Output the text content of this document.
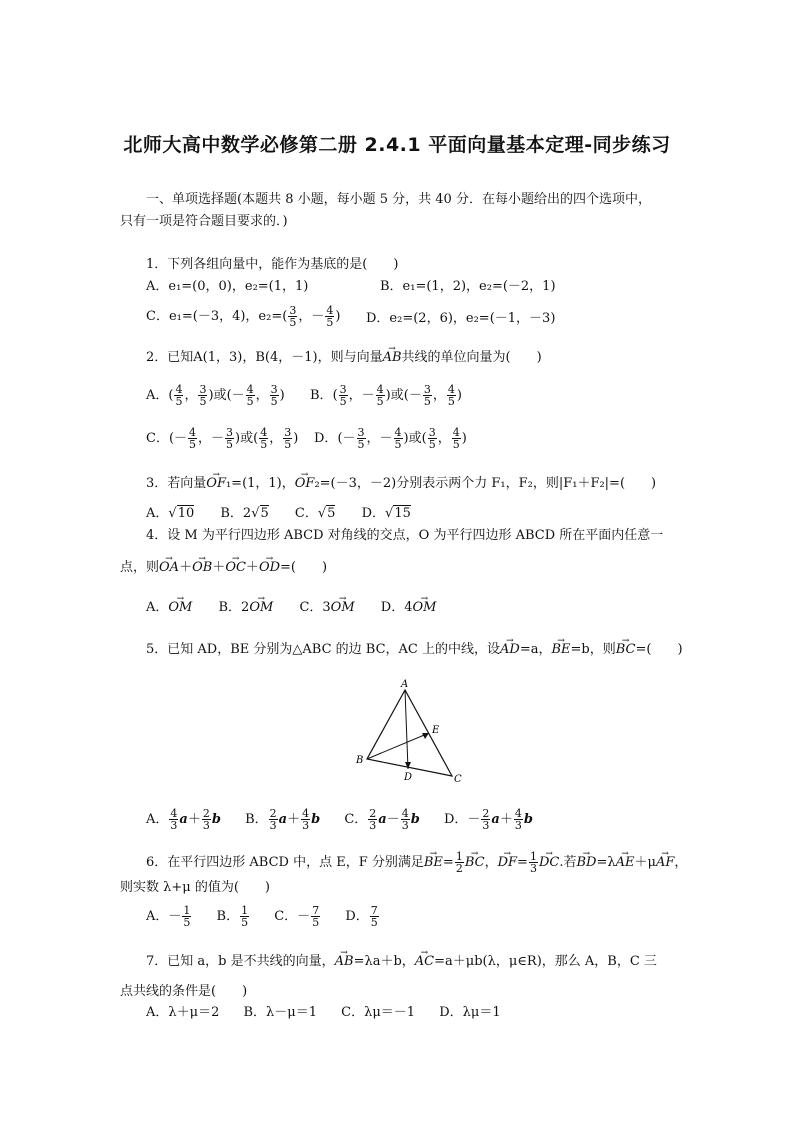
北师大高中数学必修第二册 2.4.1 平面向量基本定理-同步练习
一、单项选择题(本题共 8 小题，每小题 5 分，共 40 分．在每小题给出的四个选项中，
只有一项是符合题目要求的．)
1．下列各组向量中，能作为基底的是(　　)
A．e₁=(0，0)，e₂=(1，1)	B．e₁=(1，2)，e₂=(－2，1)
C．e₁=(－3，4)，$e_2=( \frac{3}{5}$ ，－ $\frac{4}{5}$ ) D．e₂=(2，6)，e₂=(－1，－3)
2．已知A(1，3)，B(4，－1)，则与向量→ AB共线的单位向量为(　　)
A．( $\frac{4}{5}$ ， $\frac{3}{5}$ )或(－ $\frac{4}{5}$ ， $\frac{3}{5}$ ) B．( $\frac{3}{5}$ ，－ $\frac{4}{5}$ )或(－ $\frac{3}{5}$ ， $\frac{4}{5}$ )
C．(－ $\frac{4}{5}$ ，－ $\frac{3}{5}$ )或( $\frac{4}{5}$ ， $\frac{3}{5}$ ) D．(－ $\frac{3}{5}$ ，－ $\frac{4}{5}$ )或( $\frac{3}{5}$ ， $\frac{4}{5}$ )
3．若向量→ OF₁=(1，1)，→ OF₂=(－3，－2)分别表示两个力 F₁，F₂，则|F₁＋F₂|=(　　)
A．√10 B．2√5 C．√5 D．√15
4．设 M 为平行四边形 ABCD 对角线的交点，O 为平行四边形 ABCD 所在平面内任意一
点，则→ OA＋→ OB＋→ OC＋→ OD=(　　)
A．→ OM B．2→ OM C．3→ OM D．4→ OM
5．已知 AD，BE 分别为△ABC 的边 BC，AC 上的中线，设→ AD=a，→ BE=b，则→ BC=(　　)
A
B
C
D
E
A． $\frac{4}{3} a+ \frac{2}{3}$ b B． $\frac{2}{3} a+ \frac{4}{3}$ b C． $\frac{2}{3} a- \frac{4}{3}$ b D．－ $\frac{2}{3} a+ \frac{4}{3}$ b
6．在平行四边形 ABCD 中，点 E，F 分别满足→ $BE= \frac{1}{2}$ → BC，→ $DF= \frac{1}{3}$ → DC.若→ BD=λ→ AE＋μ→ AF，
则实数 λ+μ 的值为(　　)
A．－ $\frac{1}{5}$ B． $\frac{1}{5}$ C．－ $\frac{7}{5}$ D． $\frac{7}{5}$
7．已知 a，b 是不共线的向量，→ AB=λa＋b，→ AC=a＋μb(λ，μ∈R)，那么 A，B，C 三
点共线的条件是(　　)
A．λ＋μ＝2 B．λ－μ＝1 C．λμ＝－1 D．λμ＝1
